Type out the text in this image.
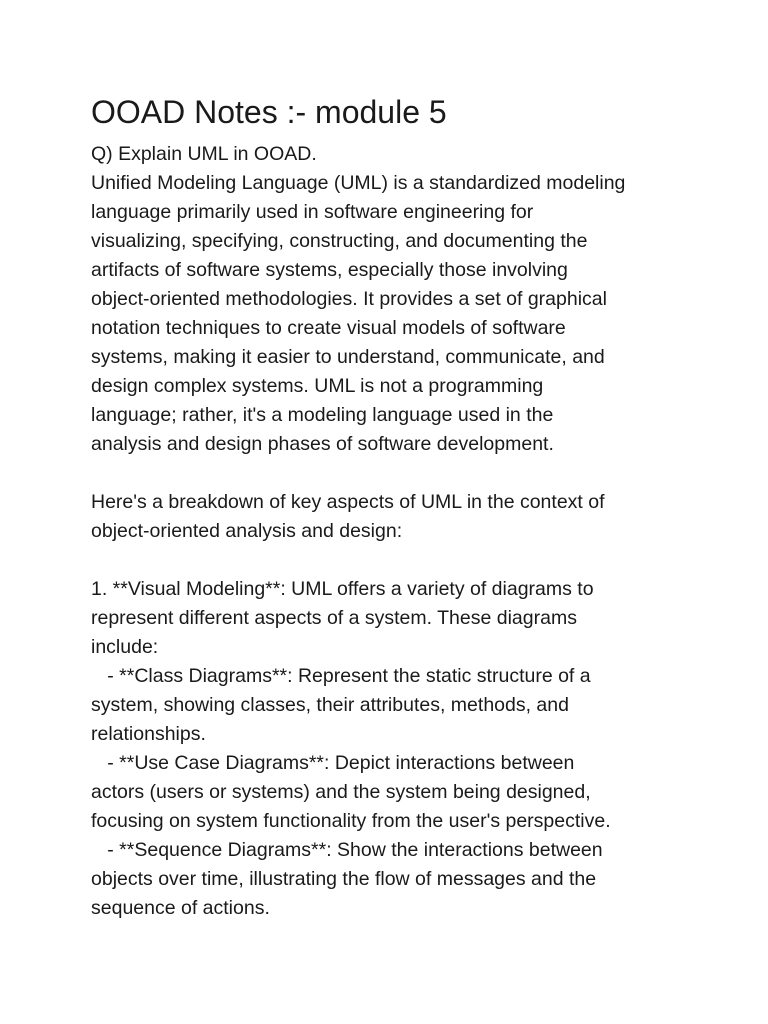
OOAD Notes :- module 5
Q) Explain UML in OOAD.
Unified Modeling Language (UML) is a standardized modeling
language primarily used in software engineering for
visualizing, specifying, constructing, and documenting the
artifacts of software systems, especially those involving
object-oriented methodologies. It provides a set of graphical
notation techniques to create visual models of software
systems, making it easier to understand, communicate, and
design complex systems. UML is not a programming
language; rather, it's a modeling language used in the
analysis and design phases of software development.
Here's a breakdown of key aspects of UML in the context of
object-oriented analysis and design:
1. **Visual Modeling**: UML offers a variety of diagrams to
represent different aspects of a system. These diagrams
include:
- **Class Diagrams**: Represent the static structure of a
system, showing classes, their attributes, methods, and
relationships.
- **Use Case Diagrams**: Depict interactions between
actors (users or systems) and the system being designed,
focusing on system functionality from the user's perspective.
- **Sequence Diagrams**: Show the interactions between
objects over time, illustrating the flow of messages and the
sequence of actions.
